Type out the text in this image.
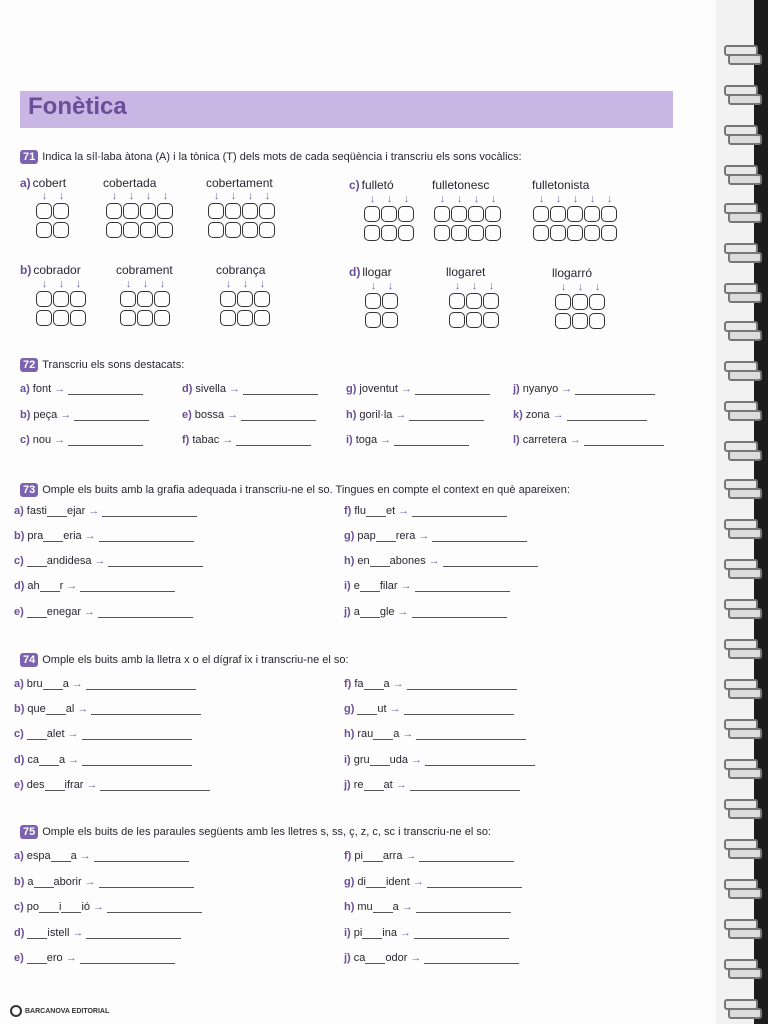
Fonètica
71 Indica la síl·laba àtona (A) i la tònica (T) dels mots de cada seqüència i transcriu els sons vocàlics:
a) cobert	cobertada	cobertament
↓ ↓	↓ ↓ ↓ ↓	↓ ↓ ↓ ↓
c) fulletó	fulletonesc	fulletonista
↓ ↓ ↓	↓ ↓ ↓ ↓	↓ ↓ ↓ ↓ ↓
b) cobrador	cobrament	cobrança
↓ ↓ ↓	↓ ↓ ↓	↓ ↓ ↓
d) llogar	llogaret	llogarró
↓ ↓	↓ ↓ ↓	↓ ↓ ↓
72 Transcriu els sons destacats:
a) font →
b) peça →
c) nou →
d) sivella →
e) bossa →
f) tabac →
g) joventut →
h) goril·la →
i) toga →
j) nyanyo →
k) zona →
l) carretera →
73 Omple els buits amb la grafia adequada i transcriu-ne el so. Tingues en compte el context en què apareixen:
a) fasti ejar →
b) pra eria →
c) andidesa →
d) ah r →
e) enegar →
f) flu et →
g) pap rera →
h) en abones →
i) e filar →
j) a gle →
74 Omple els buits amb la lletra x o el dígraf ix i transcriu-ne el so:
a) bru a →
b) que al →
c) alet →
d) ca a →
e) des ifrar →
f) fa a →
g) ut →
h) rau a →
i) gru uda →
j) re at →
75 Omple els buits de les paraules següents amb les lletres s, ss, ç, z, c, sc i transcriu-ne el so:
a) espa a →
b) a aborir →
c) po i ió →
d) istell →
e) ero →
f) pi arra →
g) di ident →
h) mu a →
i) pi ina →
j) ca odor →
BARCANOVA EDITORIAL
